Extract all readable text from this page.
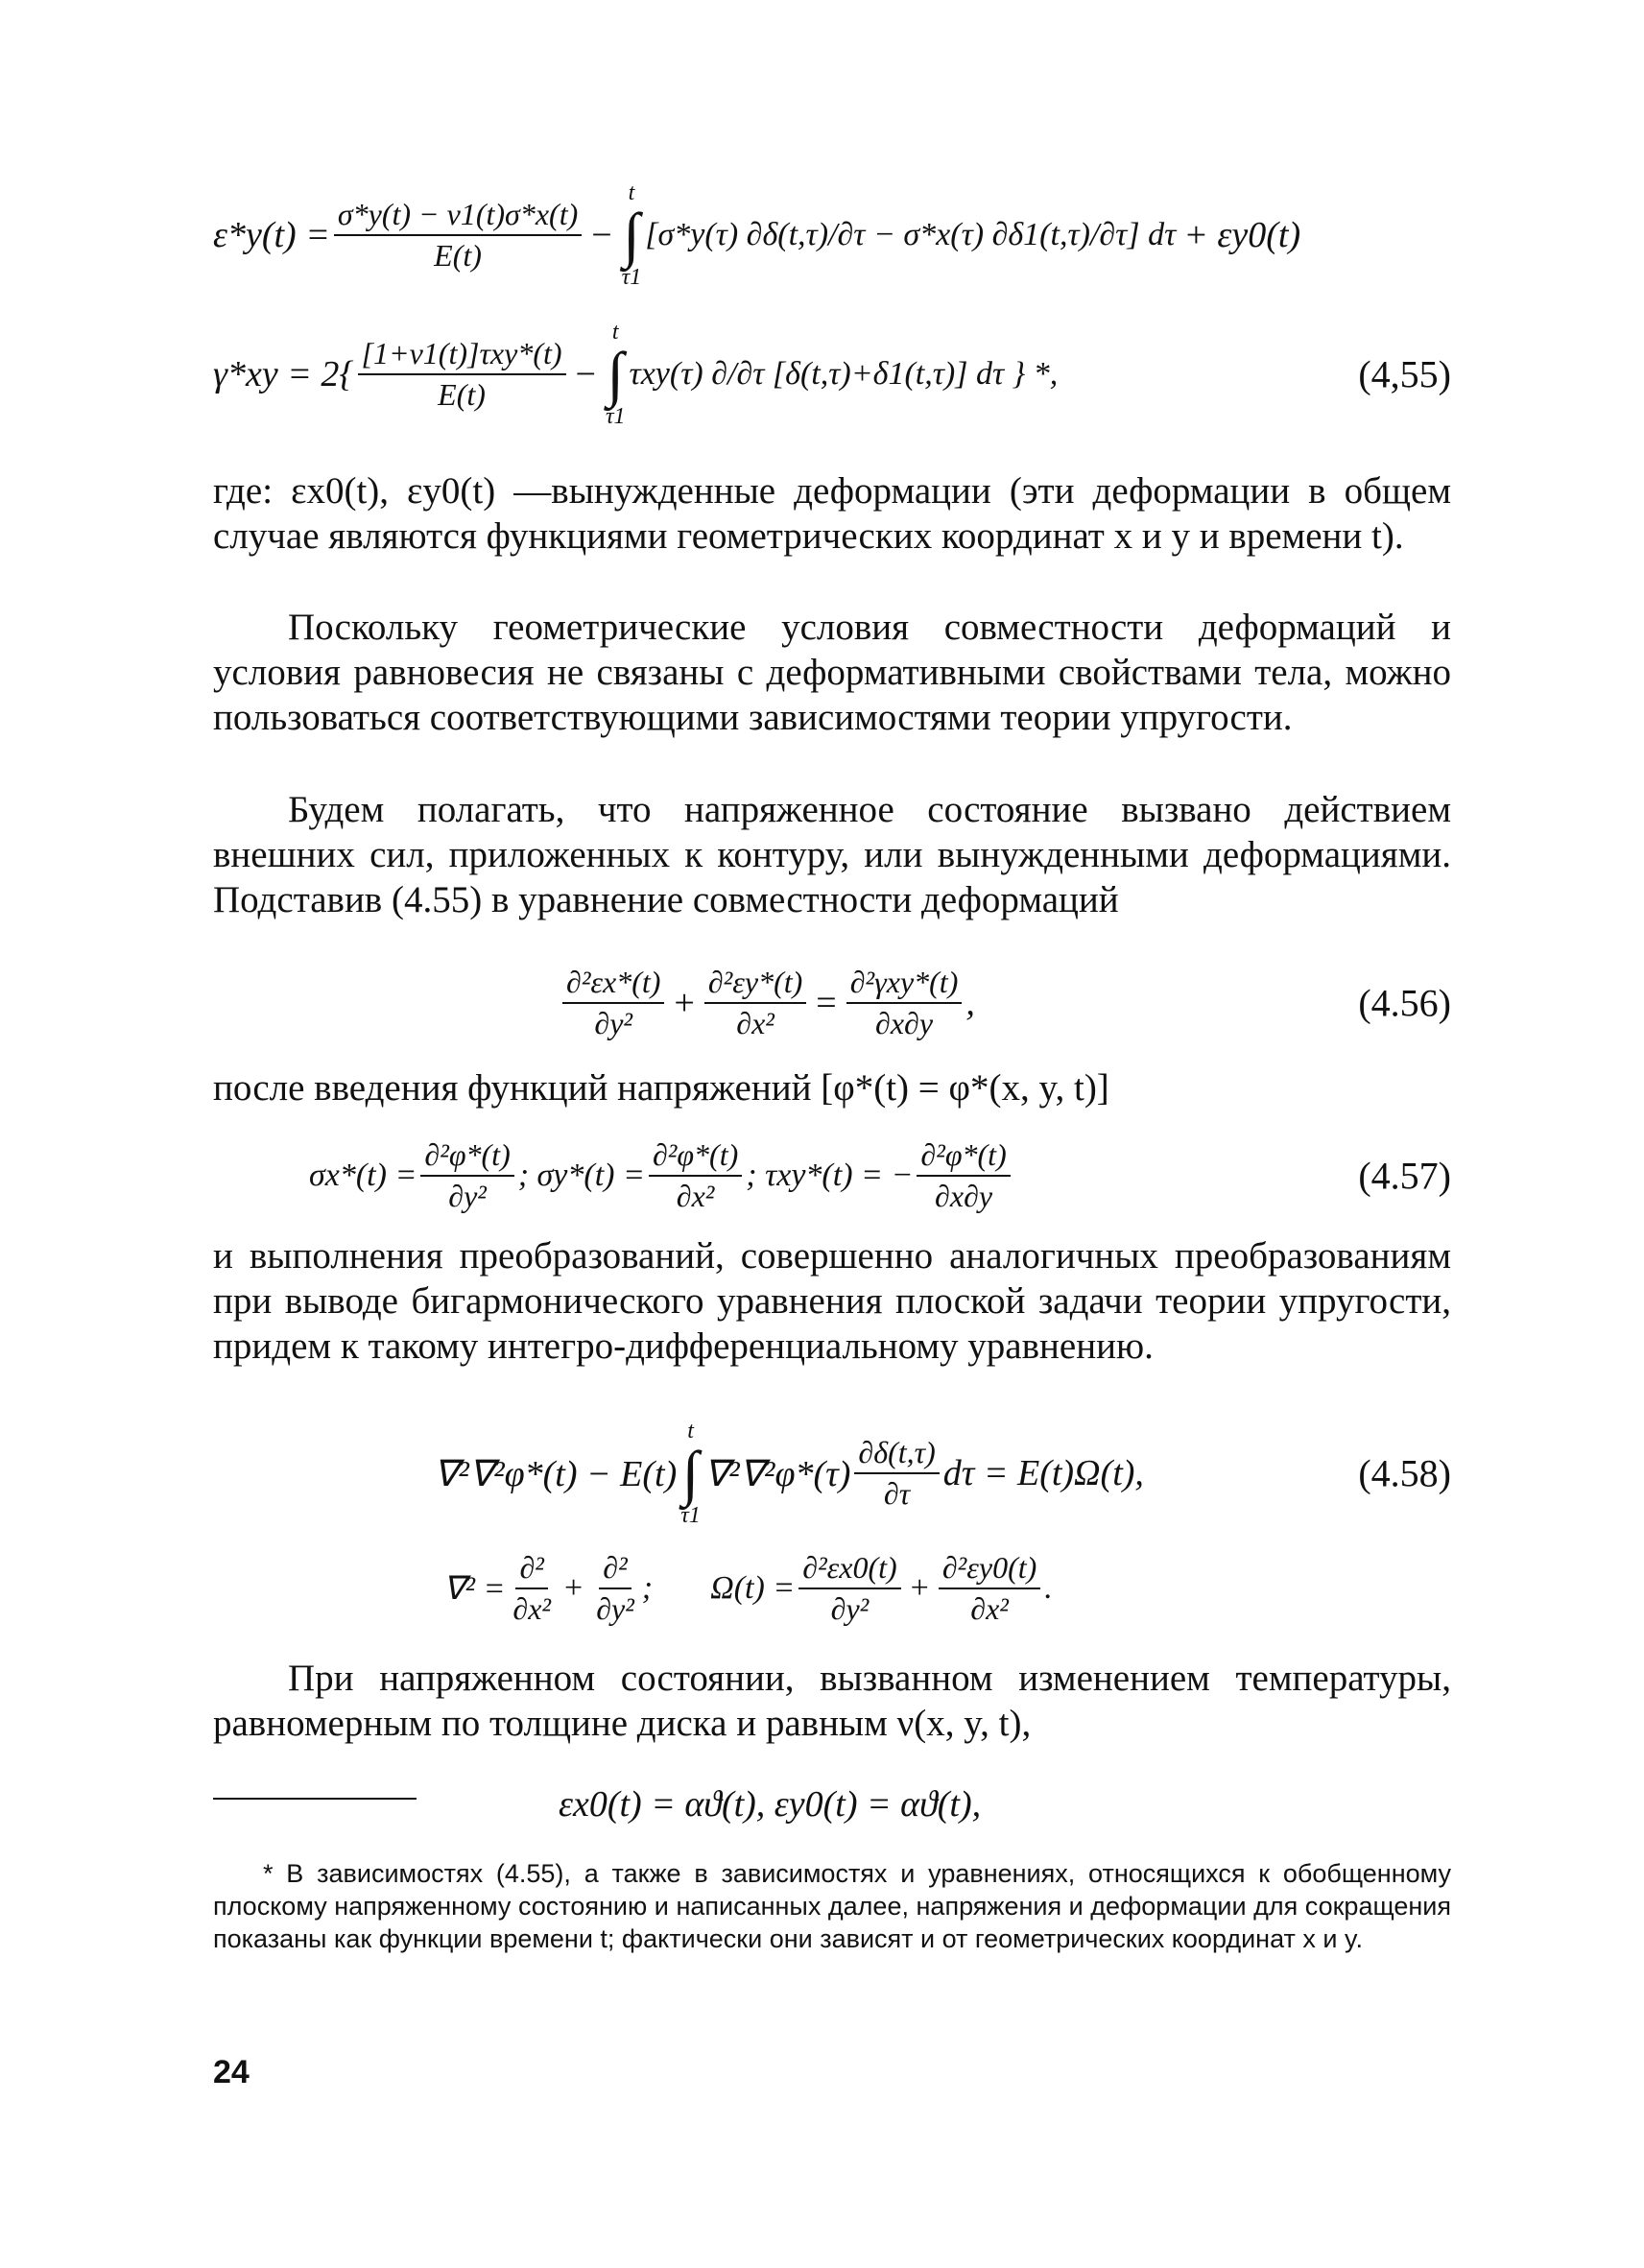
$\varepsilon*y(t) = \frac{\sigma*y(t) - \nu 1(t)\sigma*x(t)}{E(t)}$ −
t
∫
τ1
[σ*y(τ) ∂δ(t,τ)/∂τ − σ*x(τ) ∂δ1(t,τ)/∂τ] dτ + εy0(t)
$\gamma*xy = 2\{ \frac{\text{[1+ν1(t)]τxy*(t)}}{E(t)}$ −
t
∫
τ1
τxy(τ) ∂/∂τ [δ(t,τ)+δ1(t,τ)] dτ } *,	(4,55)

где: εx0(t), εy0(t) —вынужденные деформации (эти деформации в общем случае являются функциями геометрических координат x и y и времени t).

Поскольку геометрические условия совместности деформаций и условия равновесия не связаны с деформативными свойствами тела, можно пользоваться соответствующими зависимостями теории упругости.

Будем полагать, что напряженное состояние вызвано действием внешних сил, приложенных к контуру, или вынужденными деформациями. Подставив (4.55) в уравнение совместности деформаций

$\frac{\text{∂²εx*(t)}}{\text{∂y²}} + \frac{\text{∂²εy*(t)}}{\text{∂x²}} = \frac{\text{∂²γxy*(t)}}{\partial x\partial y}$ ,	(4.56)

после введения функций напряжений [φ*(t) = φ*(x, y, t)]

$\sigma x*(t) = \frac{\text{∂²φ*(t)}}{\text{∂y²}}$ ; $\sigma y*(t) = \frac{\text{∂²φ*(t)}}{\text{∂x²}}$ ; τxy*(t) = − $\frac{\text{∂²φ*(t)}}{\partial x\partial y}$	(4.57)

и выполнения преобразований, совершенно аналогичных преобразованиям при выводе бигармонического уравнения плоской задачи теории упругости, придем к такому интегро-дифференциальному уравнению.

∇²∇²φ*(t) − E(t)
t
∫
τ1
$\nabla^2\nabla^2\varphi*(\tau) \frac{\partial\delta(t,\tau)}{\partial\tau}$ dτ = E(t)Ω(t),	(4.58)
$\nabla^2 = \frac{\text{∂²}}{\text{∂x²}} + \frac{\text{∂²}}{\text{∂y²}}$ ; $\Omega(t) = \frac{\text{∂²εx0(t)}}{\text{∂y²}} + \frac{\text{∂²εy0(t)}}{\text{∂x²}}$ .

При напряженном состоянии, вызванном изменением температуры, равномерным по толщине диска и равным ν(x, y, t),

εx0(t) = αϑ(t), εy0(t) = αϑ(t),

* В зависимостях (4.55), а также в зависимостях и уравнениях, относящихся к обобщенному плоскому напряженному состоянию и написанных далее, напряжения и деформации для сокращения показаны как функции времени t; фактически они зависят и от геометрических координат x и y.

24
